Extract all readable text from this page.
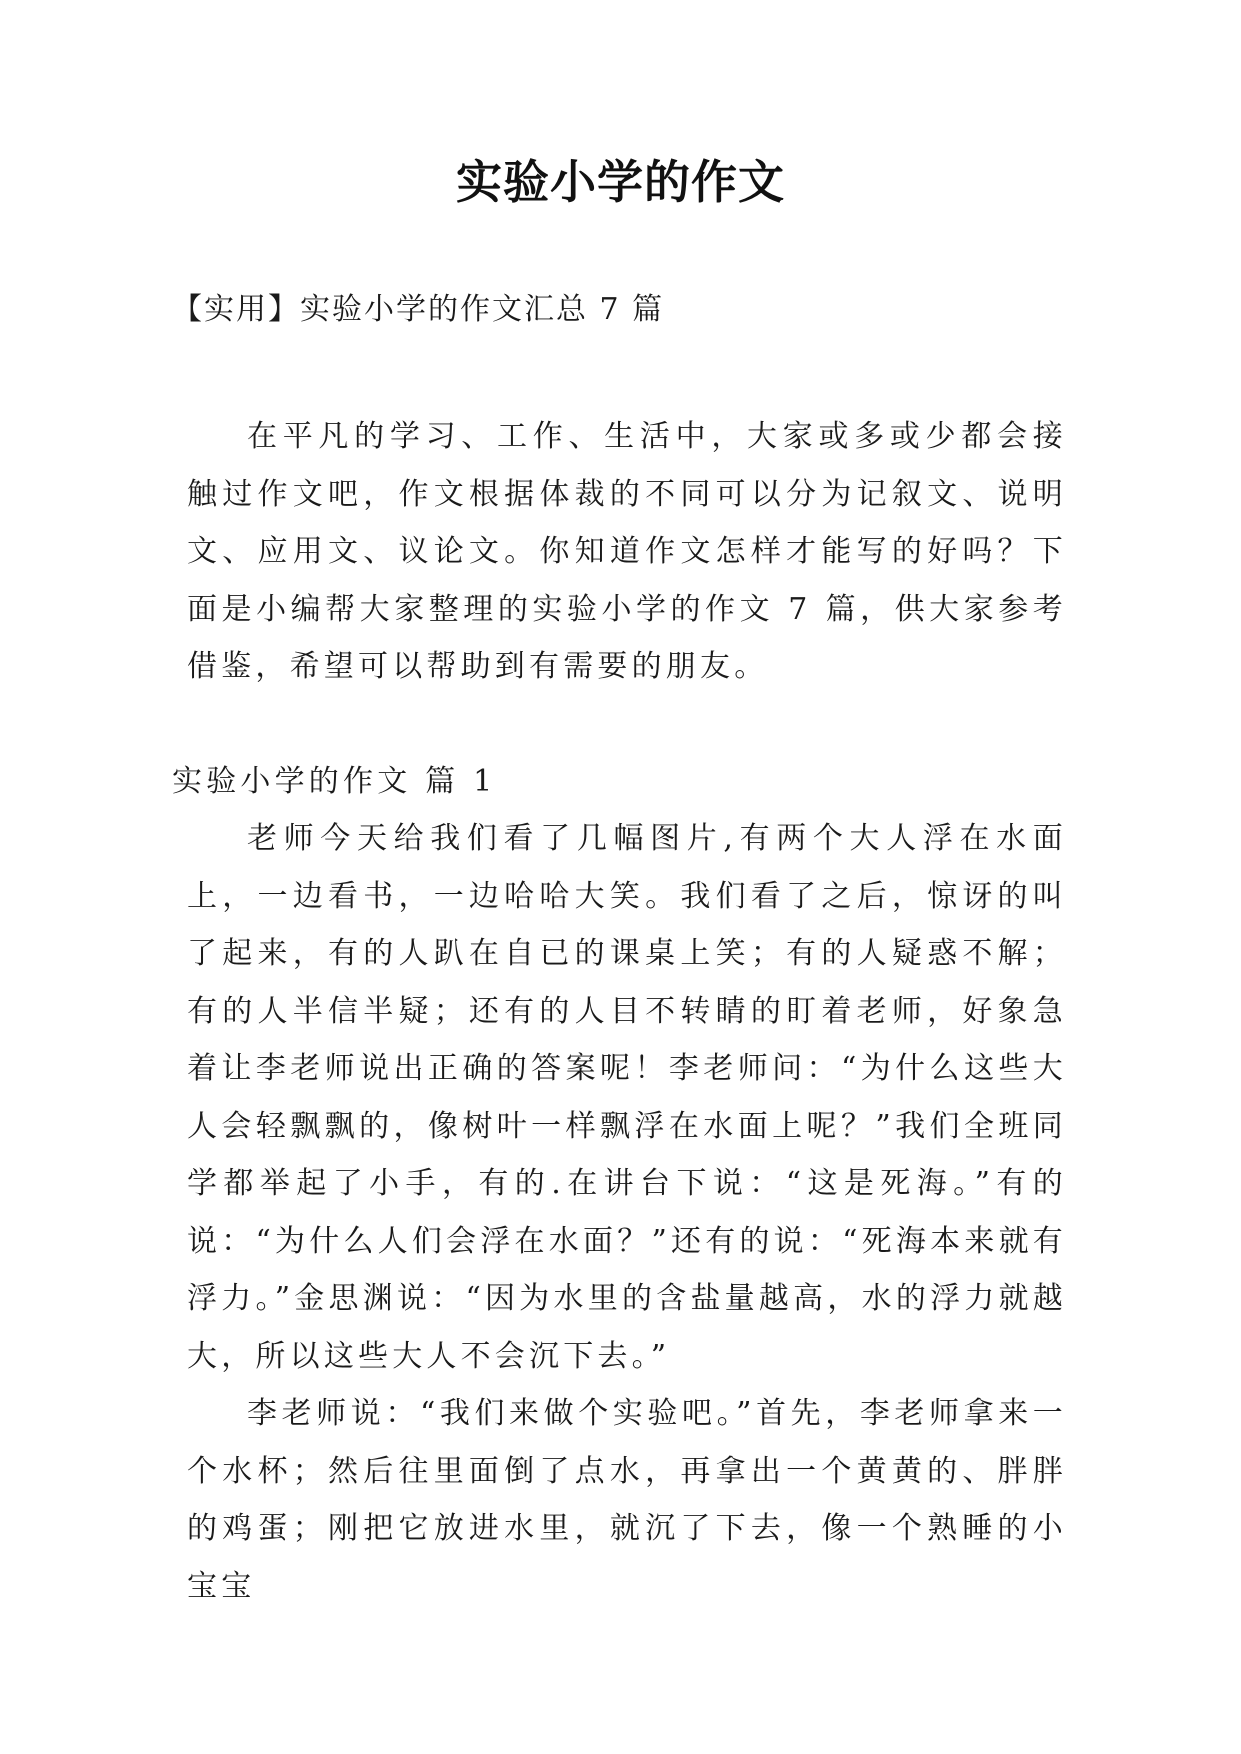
实验小学的作文
【实用】实验小学的作文汇总 7 篇

在平凡的学习、工作、生活中，大家或多或少都会接触过作文吧，作文根据体裁的不同可以分为记叙文、说明文、应用文、议论文。你知道作文怎样才能写的好吗？下面是小编帮大家整理的实验小学的作文 7 篇，供大家参考借鉴，希望可以帮助到有需要的朋友。

实验小学的作文 篇 1

老师今天给我们看了几幅图片,有两个大人浮在水面上，一边看书，一边哈哈大笑。我们看了之后，惊讶的叫了起来，有的人趴在自已的课桌上笑；有的人疑惑不解；有的人半信半疑；还有的人目不转睛的盯着老师，好象急着让李老师说出正确的答案呢！李老师问：“为什么这些大人会轻飘飘的，像树叶一样飘浮在水面上呢？”我们全班同学都举起了小手，有的.在讲台下说：“这是死海。”有的说：“为什么人们会浮在水面？”还有的说：“死海本来就有浮力。”金思渊说：“因为水里的含盐量越高，水的浮力就越大，所以这些大人不会沉下去。”

李老师说：“我们来做个实验吧。”首先，李老师拿来一个水杯；然后往里面倒了点水，再拿出一个黄黄的、胖胖的鸡蛋；刚把它放进水里，就沉了下去，像一个熟睡的小宝宝
